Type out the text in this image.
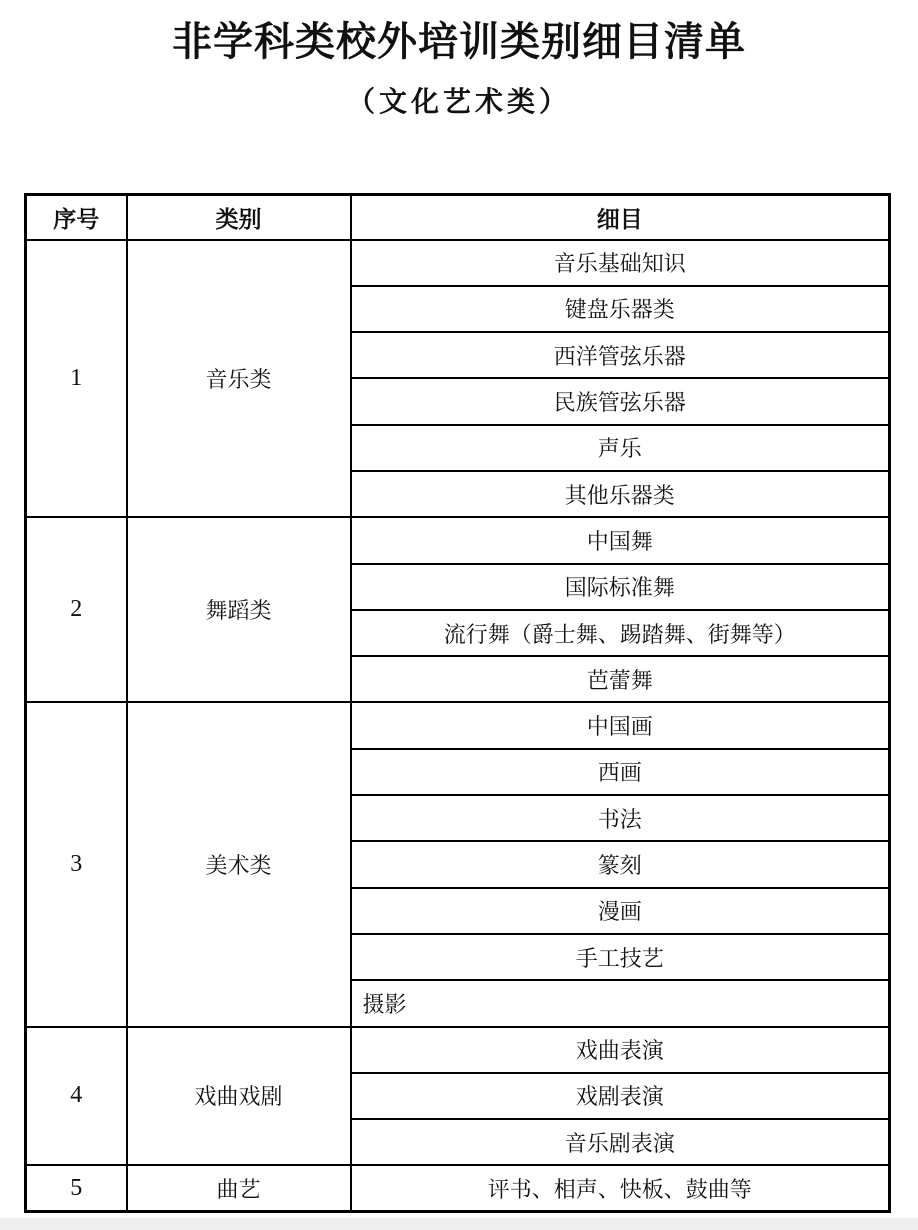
非学科类校外培训类别细目清单
（文化艺术类）
序号	类别	细目
1	音乐类	音乐基础知识
		键盘乐器类
		西洋管弦乐器
		民族管弦乐器
		声乐
		其他乐器类
2	舞蹈类	中国舞
		国际标准舞
		流行舞（爵士舞、踢踏舞、街舞等）
		芭蕾舞
3	美术类	中国画
		西画
		书法
		篆刻
		漫画
		手工技艺
		摄影
4	戏曲戏剧	戏曲表演
		戏剧表演
		音乐剧表演
5	曲艺	评书、相声、快板、鼓曲等
